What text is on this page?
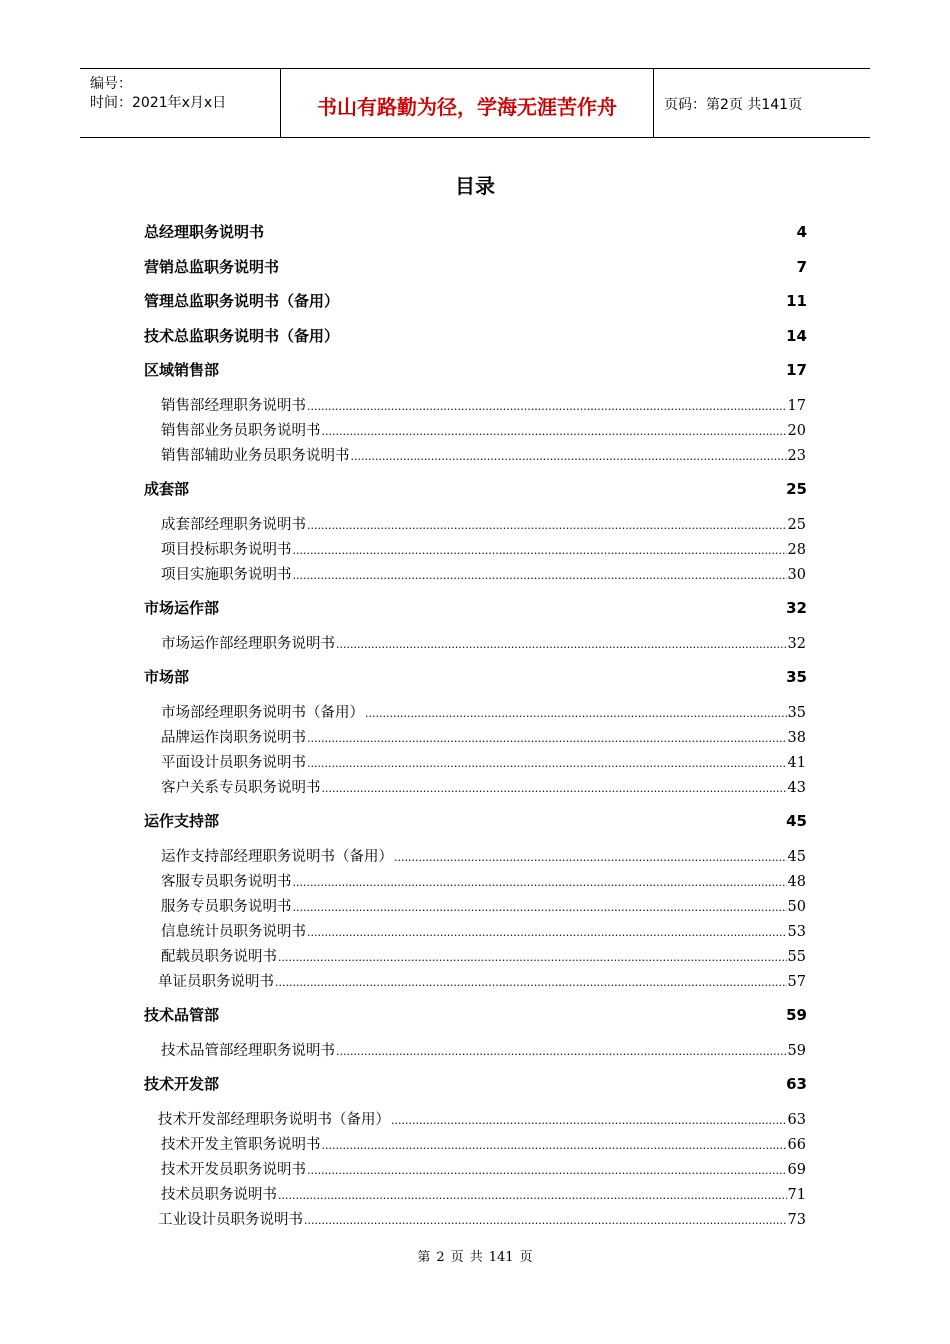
编号：
时间：2021年x月x日	书山有路勤为径，学海无涯苦作舟	页码：第2页 共141页
目录
总经理职务说明书	4
营销总监职务说明书	7
管理总监职务说明书（备用）	11
技术总监职务说明书（备用）	14
区域销售部	17
销售部经理职务说明书 .....	17
销售部业务员职务说明书 .....	20
销售部辅助业务员职务说明书 .....	23
成套部	25
成套部经理职务说明书 .....	25
项目投标职务说明书 .....	28
项目实施职务说明书 .....	30
市场运作部	32
市场运作部经理职务说明书 .....	32
市场部	35
市场部经理职务说明书（备用） .....	35
品牌运作岗职务说明书 .....	38
平面设计员职务说明书 .....	41
客户关系专员职务说明书 .....	43
运作支持部	45
运作支持部经理职务说明书（备用） .....	45
客服专员职务说明书 .....	48
服务专员职务说明书 .....	50
信息统计员职务说明书 .....	53
配载员职务说明书 .....	55
单证员职务说明书 .....	57
技术品管部	59
技术品管部经理职务说明书 .....	59
技术开发部	63
技术开发部经理职务说明书（备用） .....	63
技术开发主管职务说明书 .....	66
技术开发员职务说明书 .....	69
技术员职务说明书 .....	71
工业设计员职务说明书 .....	73
第 2 页 共 141 页
